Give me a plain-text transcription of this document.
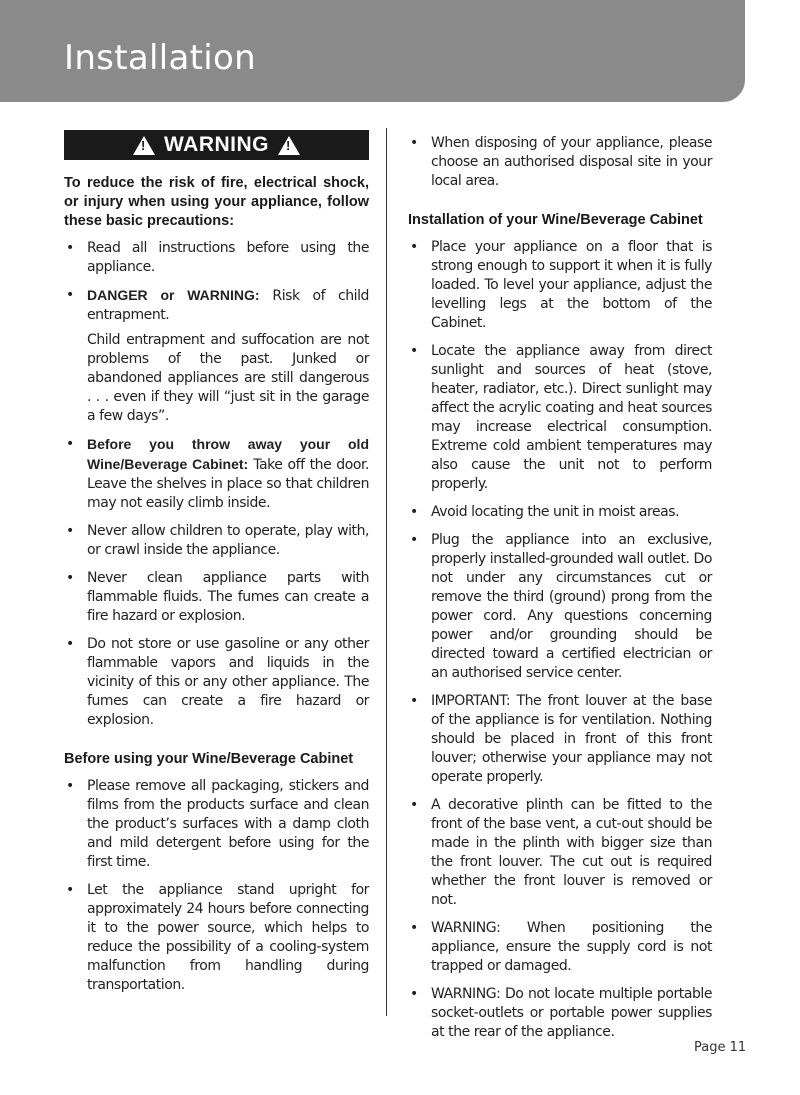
Installation
!
WARNING
!

To reduce the risk of fire, electrical shock, or injury when using your appliance, follow these basic precautions:

• Read all instructions before using the appliance.
• DANGER or WARNING: Risk of child entrapment.

Child entrapment and suffocation are not problems of the past. Junked or abandoned appliances are still dangerous . . . even if they will “just sit in the garage a few days”.

• Before you throw away your old Wine/Beverage Cabinet: Take off the door. Leave the shelves in place so that children may not easily climb inside.
• Never allow children to operate, play with, or crawl inside the appliance.
• Never clean appliance parts with flammable fluids. The fumes can create a fire hazard or explosion.
• Do not store or use gasoline or any other flammable vapors and liquids in the vicinity of this or any other appliance. The fumes can create a fire hazard or explosion.
Before using your Wine/Beverage Cabinet
• Please remove all packaging, stickers and films from the products surface and clean the product’s surfaces with a damp cloth and mild detergent before using for the first time.
• Let the appliance stand upright for approximately 24 hours before connecting it to the power source, which helps to reduce the possibility of a cooling-system malfunction from handling during transportation.
• When disposing of your appliance, please choose an authorised disposal site in your local area.
Installation of your Wine/Beverage Cabinet
• Place your appliance on a floor that is strong enough to support it when it is fully loaded. To level your appliance, adjust the levelling legs at the bottom of the Cabinet.
• Locate the appliance away from direct sunlight and sources of heat (stove, heater, radiator, etc.). Direct sunlight may affect the acrylic coating and heat sources may increase electrical consumption. Extreme cold ambient temperatures may also cause the unit not to perform properly.
• Avoid locating the unit in moist areas.
• Plug the appliance into an exclusive, properly installed-grounded wall outlet. Do not under any circumstances cut or remove the third (ground) prong from the power cord. Any questions concerning power and/or grounding should be directed toward a certified electrician or an authorised service center.
• IMPORTANT: The front louver at the base of the appliance is for ventilation. Nothing should be placed in front of this front louver; otherwise your appliance may not operate properly.
• A decorative plinth can be fitted to the front of the base vent, a cut-out should be made in the plinth with bigger size than the front louver. The cut out is required whether the front louver is removed or not.
• WARNING: When positioning the appliance, ensure the supply cord is not trapped or damaged.
• WARNING: Do not locate multiple portable socket-outlets or portable power supplies at the rear of the appliance.
Page 11
